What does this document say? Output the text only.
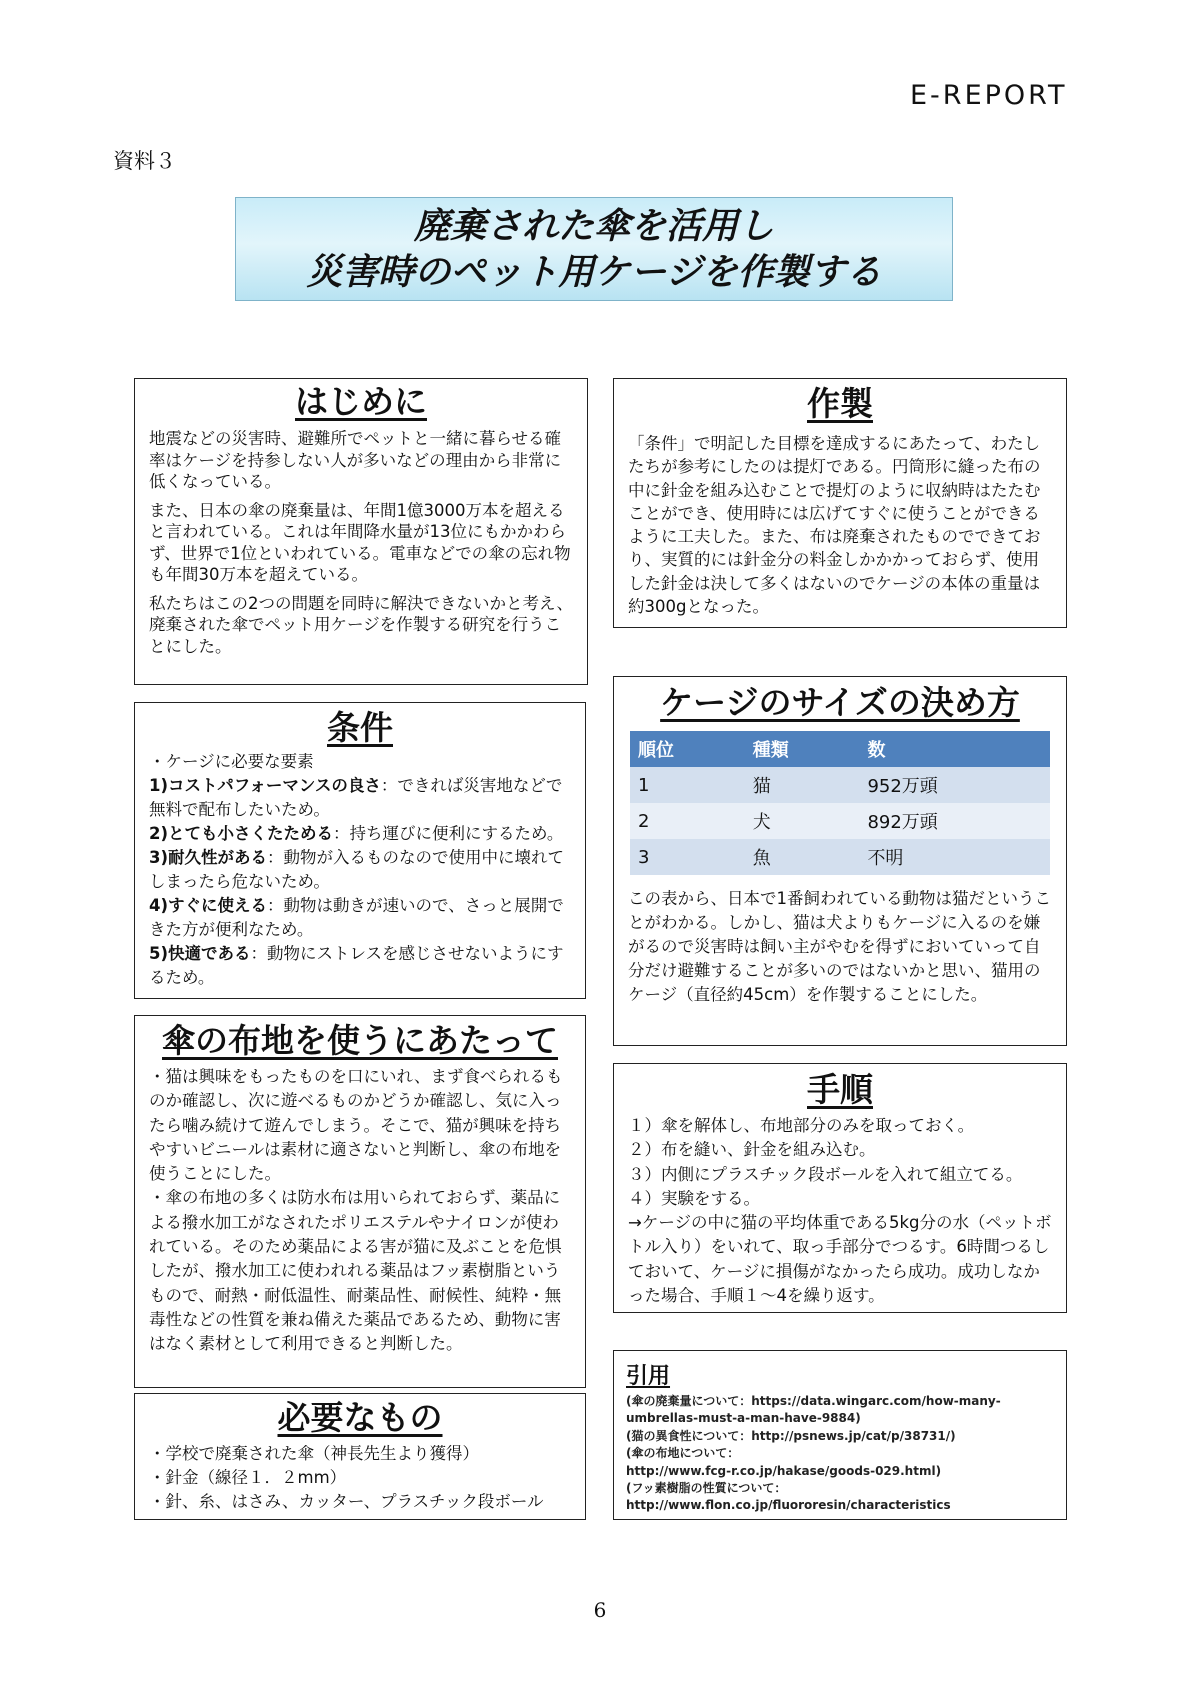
E-REPORT
資料３
廃棄された傘を活用し
災害時のペット用ケージを作製する
はじめに

地震などの災害時、避難所でペットと一緒に暮らせる確率はケージを持参しない人が多いなどの理由から非常に低くなっている。

また、日本の傘の廃棄量は、年間1億3000万本を超えると言われている。これは年間降水量が13位にもかかわらず、世界で1位といわれている。電車などでの傘の忘れ物も年間30万本を超えている。

私たちはこの2つの問題を同時に解決できないかと考え、廃棄された傘でペット用ケージを作製する研究を行うことにした。

作製

「条件」で明記した目標を達成するにあたって、わたしたちが参考にしたのは提灯である。円筒形に縫った布の中に針金を組み込むことで提灯のように収納時はたたむことができ、使用時には広げてすぐに使うことができるように工夫した。また、布は廃棄されたものでできており、実質的には針金分の料金しかかかっておらず、使用した針金は決して多くはないのでケージの本体の重量は約300gとなった。

条件
・ケージに必要な要素
1)コストパフォーマンスの良さ：できれば災害地などで無料で配布したいため。
2)とても小さくたためる：持ち運びに便利にするため。
3)耐久性がある：動物が入るものなので使用中に壊れてしまったら危ないため。
4)すぐに使える：動物は動きが速いので、さっと展開できた方が便利なため。
5)快適である：動物にストレスを感じさせないようにするため。
ケージのサイズの決め方
順位	種類	数
1	猫	952万頭
2	犬	892万頭
3	魚	不明

この表から、日本で1番飼われている動物は猫だということがわかる。しかし、猫は犬よりもケージに入るのを嫌がるので災害時は飼い主がやむを得ずにおいていって自分だけ避難することが多いのではないかと思い、猫用のケージ（直径約45cm）を作製することにした。

傘の布地を使うにあたって

・猫は興味をもったものを口にいれ、まず食べられるものか確認し、次に遊べるものかどうか確認し、気に入ったら噛み続けて遊んでしまう。そこで、猫が興味を持ちやすいビニールは素材に適さないと判断し、傘の布地を使うことにした。

・傘の布地の多くは防水布は用いられておらず、薬品による撥水加工がなされたポリエステルやナイロンが使われている。そのため薬品による害が猫に及ぶことを危惧したが、撥水加工に使われれる薬品はフッ素樹脂というもので、耐熱・耐低温性、耐薬品性、耐候性、純粋・無毒性などの性質を兼ね備えた薬品であるため、動物に害はなく素材として利用できると判断した。

手順
１）傘を解体し、布地部分のみを取っておく。
２）布を縫い、針金を組み込む。
３）内側にプラスチック段ボールを入れて組立てる。
４）実験をする。
→ケージの中に猫の平均体重である5kg分の水（ペットボトル入り）をいれて、取っ手部分でつるす。6時間つるしておいて、ケージに損傷がなかったら成功。成功しなかった場合、手順１～4を繰り返す。
引用
(傘の廃棄量について：https://data.wingarc.com/how-many-umbrellas-must-a-man-have-9884)
(猫の異食性について：http://psnews.jp/cat/p/38731/)
(傘の布地について：
http://www.fcg-r.co.jp/hakase/goods-029.html)
(フッ素樹脂の性質について：
http://www.flon.co.jp/fluororesin/characteristics
必要なもの
・学校で廃棄された傘（神長先生より獲得）
・針金（線径１．２mm）
・針、糸、はさみ、カッター、プラスチック段ボール
6
